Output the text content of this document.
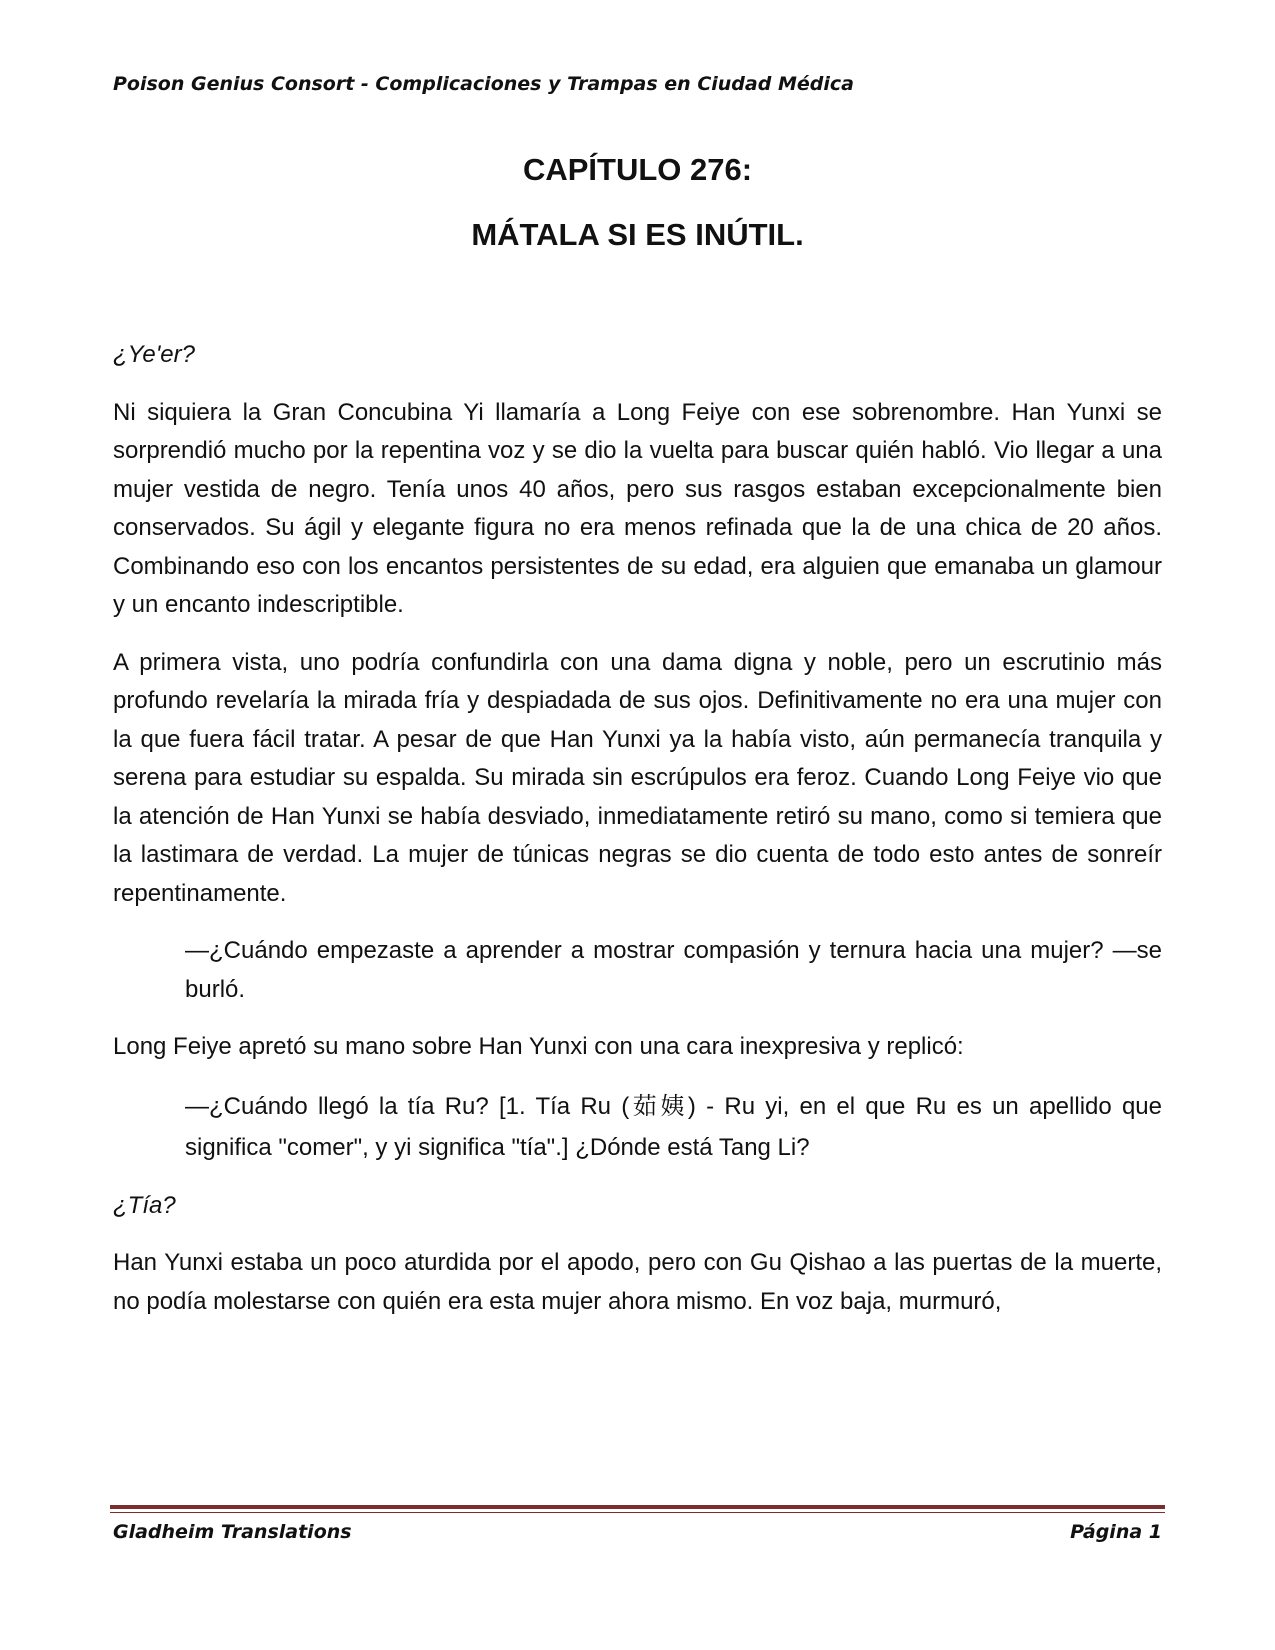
Poison Genius Consort - Complicaciones y Trampas en Ciudad Médica
CAPÍTULO 276:
MÁTALA SI ES INÚTIL.

¿Ye'er?

Ni siquiera la Gran Concubina Yi llamaría a Long Feiye con ese sobrenombre. Han Yunxi se sorprendió mucho por la repentina voz y se dio la vuelta para buscar quién habló. Vio llegar a una mujer vestida de negro. Tenía unos 40 años, pero sus rasgos estaban excepcionalmente bien conservados. Su ágil y elegante figura no era menos refinada que la de una chica de 20 años. Combinando eso con los encantos persistentes de su edad, era alguien que emanaba un glamour y un encanto indescriptible.

A primera vista, uno podría confundirla con una dama digna y noble, pero un escrutinio más profundo revelaría la mirada fría y despiadada de sus ojos. Definitivamente no era una mujer con la que fuera fácil tratar. A pesar de que Han Yunxi ya la había visto, aún permanecía tranquila y serena para estudiar su espalda. Su mirada sin escrúpulos era feroz. Cuando Long Feiye vio que la atención de Han Yunxi se había desviado, inmediatamente retiró su mano, como si temiera que la lastimara de verdad. La mujer de túnicas negras se dio cuenta de todo esto antes de sonreír repentinamente.

—¿Cuándo empezaste a aprender a mostrar compasión y ternura hacia una mujer? —se burló.

Long Feiye apretó su mano sobre Han Yunxi con una cara inexpresiva y replicó:

—¿Cuándo llegó la tía Ru? [1. Tía Ru (茹姨) - Ru yi, en el que Ru es un apellido que significa "comer", y yi significa "tía".] ¿Dónde está Tang Li?

¿Tía?

Han Yunxi estaba un poco aturdida por el apodo, pero con Gu Qishao a las puertas de la muerte, no podía molestarse con quién era esta mujer ahora mismo. En voz baja, murmuró,

Gladheim Translations	Página 1
